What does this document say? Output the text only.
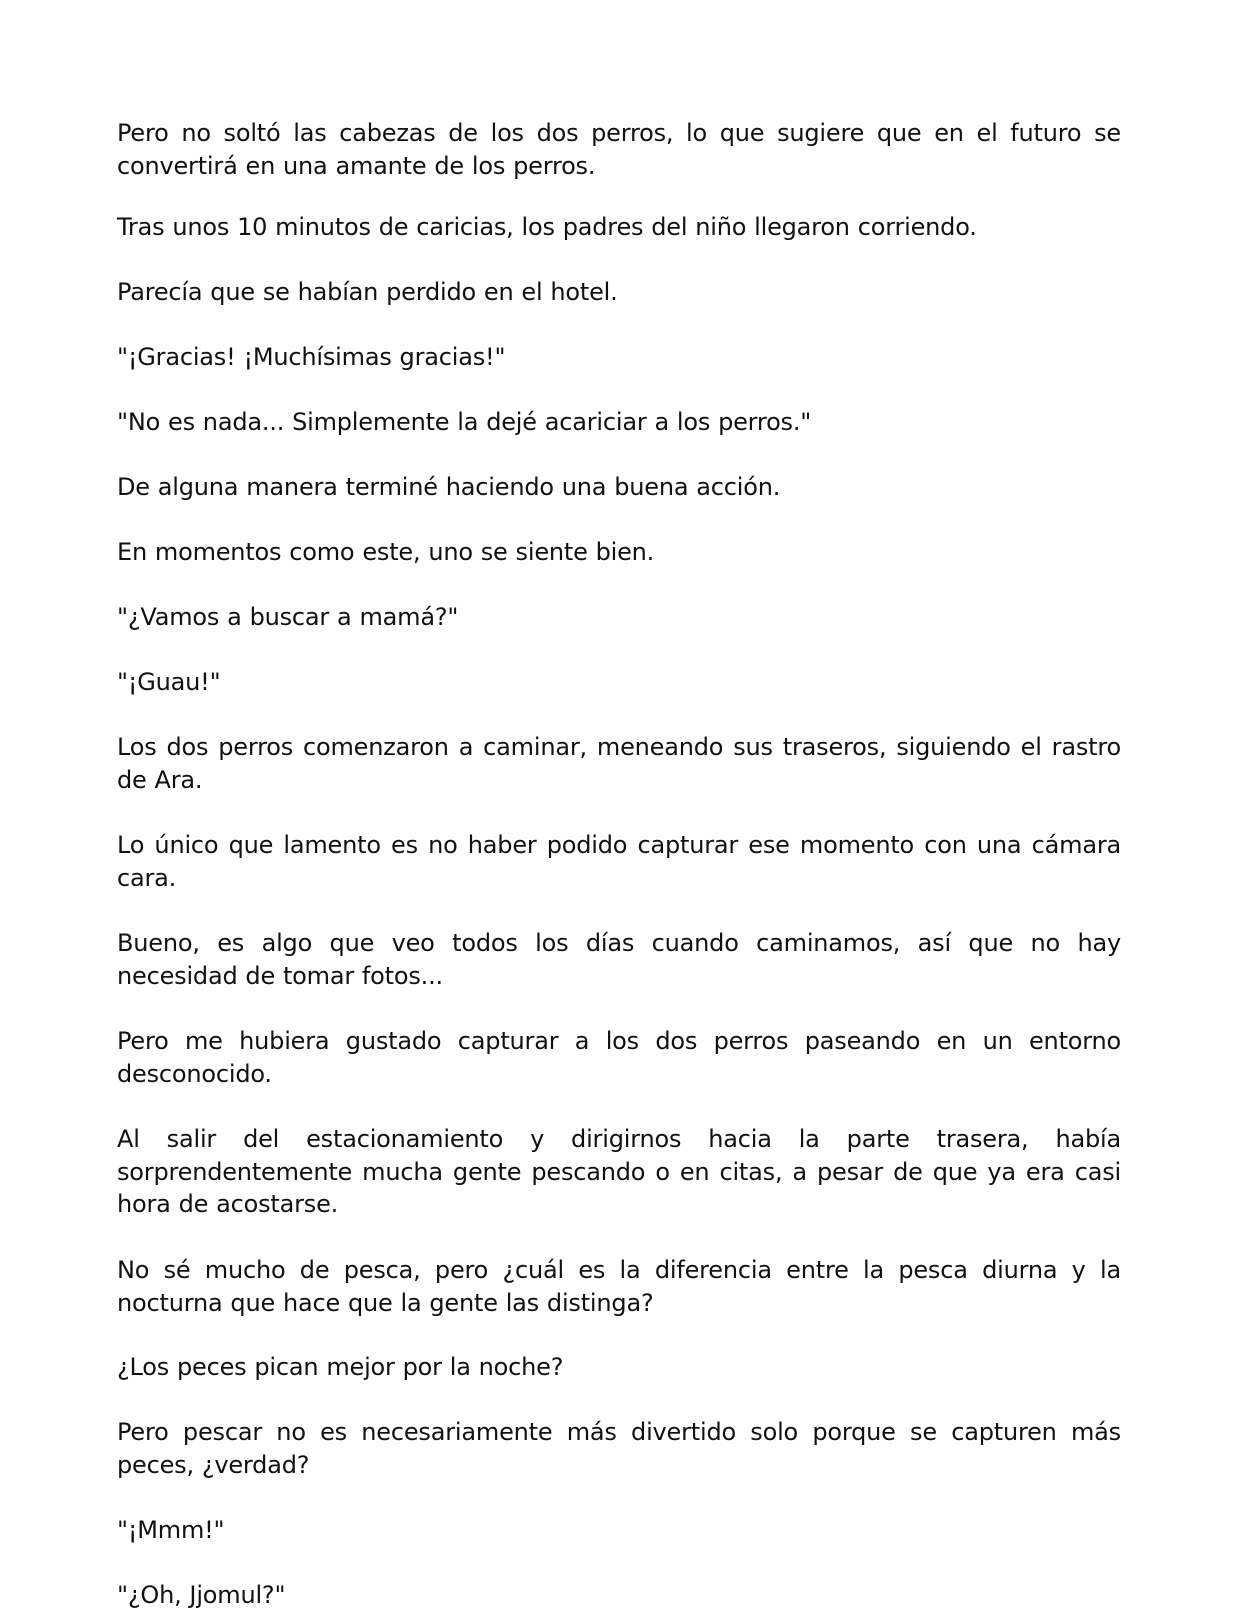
Pero no soltó las cabezas de los dos perros, lo que sugiere que en el futuro se convertirá en una amante de los perros.

Tras unos 10 minutos de caricias, los padres del niño llegaron corriendo.

Parecía que se habían perdido en el hotel.

"¡Gracias! ¡Muchísimas gracias!"

"No es nada... Simplemente la dejé acariciar a los perros."

De alguna manera terminé haciendo una buena acción.

En momentos como este, uno se siente bien.

"¿Vamos a buscar a mamá?"

"¡Guau!"

Los dos perros comenzaron a caminar, meneando sus traseros, siguiendo el rastro de Ara.

Lo único que lamento es no haber podido capturar ese momento con una cámara cara.

Bueno, es algo que veo todos los días cuando caminamos, así que no hay necesidad de tomar fotos...

Pero me hubiera gustado capturar a los dos perros paseando en un entorno desconocido.

Al salir del estacionamiento y dirigirnos hacia la parte trasera, había sorprendentemente mucha gente pescando o en citas, a pesar de que ya era casi hora de acostarse.

No sé mucho de pesca, pero ¿cuál es la diferencia entre la pesca diurna y la nocturna que hace que la gente las distinga?

¿Los peces pican mejor por la noche?

Pero pescar no es necesariamente más divertido solo porque se capturen más peces, ¿verdad?

"¡Mmm!"

"¿Oh, Jjomul?"
